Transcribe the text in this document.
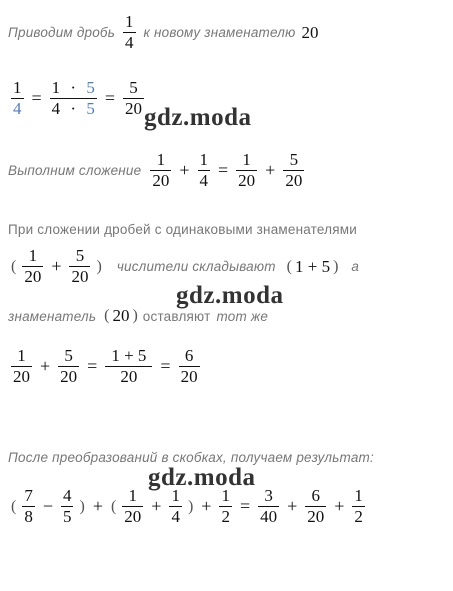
Приводим дробь $\frac{1}{4}$ к новому знаменателю 20
$\frac{1}{4} = \frac{1 \cdot 5}{4 \cdot 5} = \frac{5}{20}$
Выполним сложение $\frac{1}{20} + \frac{1}{4} = \frac{1}{20} + \frac{5}{20}$
При сложении дробей с одинаковыми знаменателями
( $\frac{1}{20} + \frac{5}{20}$ ) числители складывают ( 1 + 5 ) а
знаменатель ( 20 ) оставляют тот же
$\frac{1}{20} + \frac{5}{20} = \frac{1 + 5}{20} = \frac{6}{20}$
После преобразований в скобках, получаем результат:
( $\frac{7}{8} - \frac{4}{5}$ ) + ( $\frac{1}{20} + \frac{1}{4}$ ) + $\frac{1}{2} = \frac{3}{40} + \frac{6}{20} + \frac{1}{2}$
gdz.moda
gdz.moda
gdz.moda
